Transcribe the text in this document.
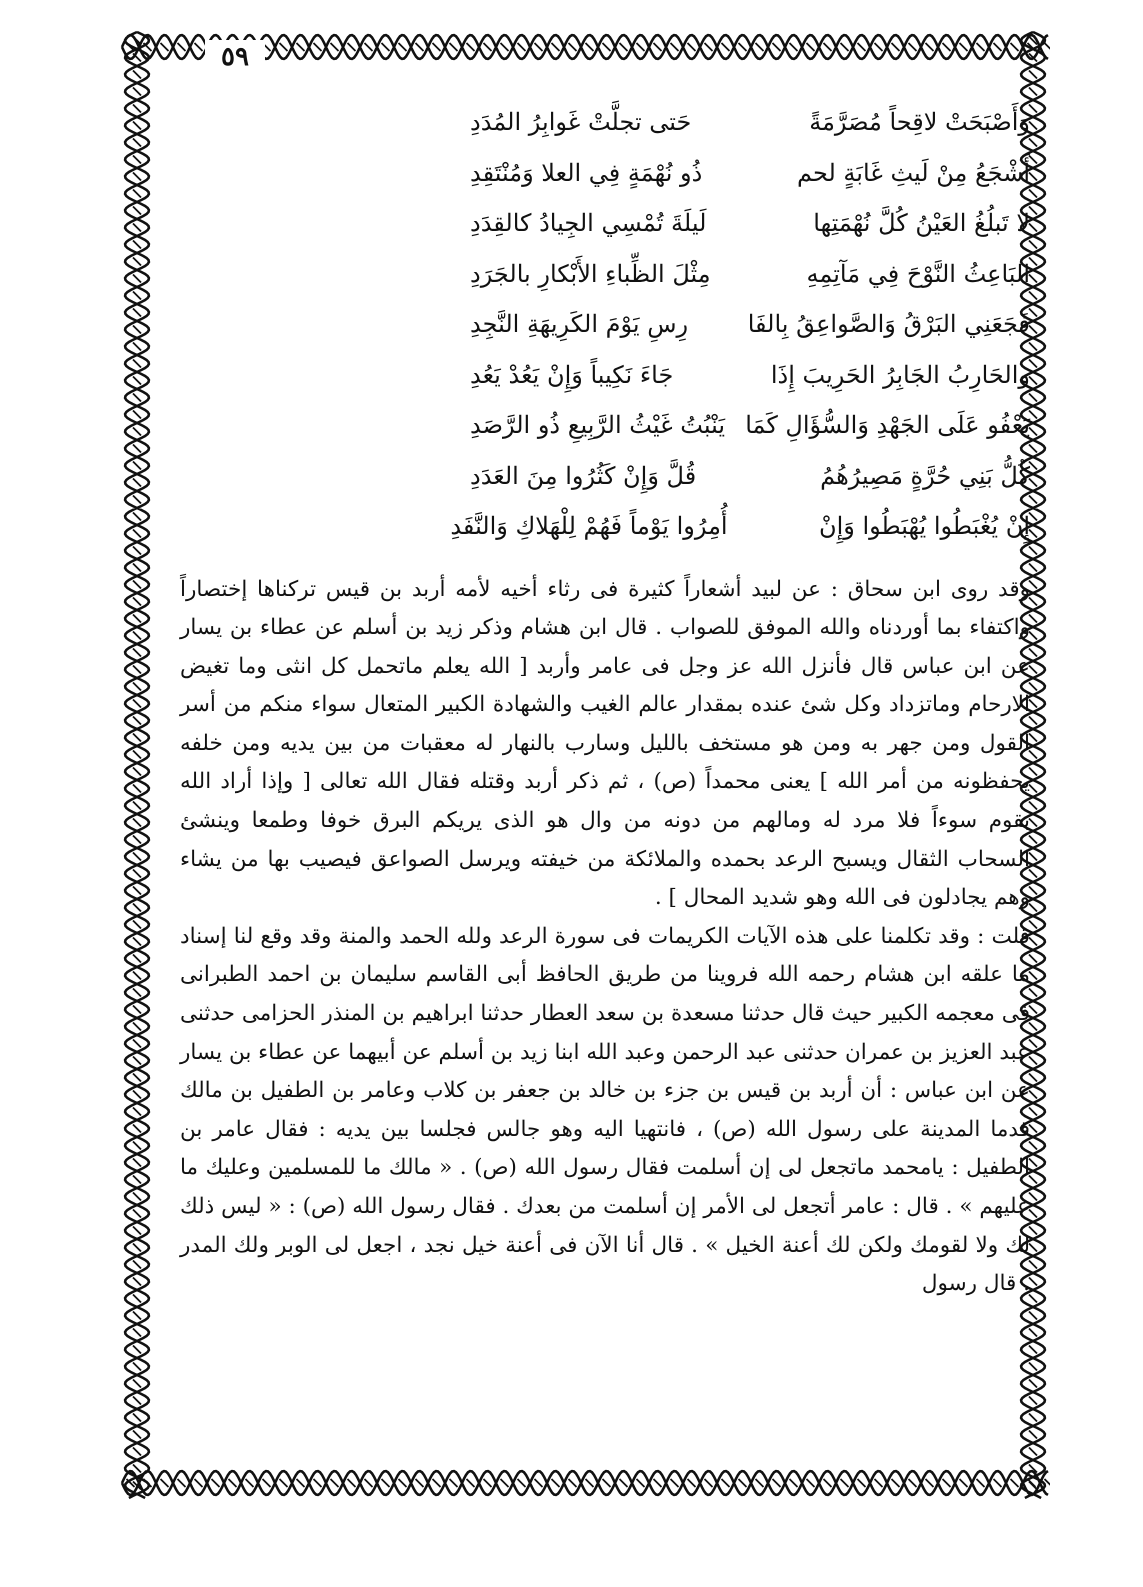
٥٩
وَأَصْبَحَتْ لاقِحاً مُصَرَّمَةً
حَتى تجلَّتْ غَوابِرُ المُدَدِ
أَشْجَعُ مِنْ لَيثِ غَابَةٍ لحم
ذُو نُهْمَةٍ فِي العلا وَمُنْتَقِدِ
لا تَبلُغُ العَيْنُ كُلَّ نُهْمَتِها
لَيلَةَ تُمْسِي الجِيادُ كالقِدَدِ
البَاعِثُ النَّوْحَ فِي مَآتِمِهِ
مِثْلَ الظِّباءِ الأَبْكارِ بالجَرَدِ
فَجَعَنِي البَرْقُ وَالصَّواعِقُ بِالفَا
رِسِ يَوْمَ الكَرِيهَةِ النَّجِدِ
والحَارِبُ الجَابِرُ الحَرِيبَ إِذَا
جَاءَ نَكِيباً وَإِنْ يَعُدْ يَعُدِ
يَعْفُو عَلَى الجَهْدِ وَالسُّؤَالِ كَمَا
يَنْبُتُ غَيْثُ الرَّبِيعِ ذُو الرَّصَدِ
كُلُّ بَنِي حُرَّةٍ مَصِيرُهُمُ
قُلَّ وَإِنْ كَثُرُوا مِنَ العَدَدِ
إِنْ يُغْبَطُوا يُهْبَطُوا وَإِنْ
أُمِرُوا يَوْماً فَهُمْ لِلْهَلاكِ وَالنَّفَدِ

وقد روى ابن سحاق : عن لبيد أشعاراً كثيرة فى رثاء أخيه لأمه أربد بن قيس تركناها إختصاراً واكتفاء بما أوردناه والله الموفق للصواب . قال ابن هشام وذكر زيد بن أسلم عن عطاء بن يسار عن ابن عباس قال فأنزل الله عز وجل فى عامر وأربد [ الله يعلم ماتحمل كل انثى وما تغيض الارحام وماتزداد وكل شئ عنده بمقدار عالم الغيب والشهادة الكبير المتعال سواء منكم من أسر القول ومن جهر به ومن هو مستخف بالليل وسارب بالنهار له معقبات من بين يديه ومن خلفه يحفظونه من أمر الله ] يعنى محمداً (ص) ، ثم ذكر أربد وقتله فقال الله تعالى [ وإذا أراد الله بقوم سوءاً فلا مرد له ومالهم من دونه من وال هو الذى يريكم البرق خوفا وطمعا وينشئ السحاب الثقال ويسبح الرعد بحمده والملائكة من خيفته ويرسل الصواعق فيصيب بها من يشاء وهم يجادلون فى الله وهو شديد المحال ] .

قلت : وقد تكلمنا على هذه الآيات الكريمات فى سورة الرعد ولله الحمد والمنة وقد وقع لنا إسناد ما علقه ابن هشام رحمه الله فروينا من طريق الحافظ أبى القاسم سليمان بن احمد الطبرانى فى معجمه الكبير حيث قال حدثنا مسعدة بن سعد العطار حدثنا ابراهيم بن المنذر الحزامى حدثنى عبد العزيز بن عمران حدثنى عبد الرحمن وعبد الله ابنا زيد بن أسلم عن أبيهما عن عطاء بن يسار عن ابن عباس : أن أربد بن قيس بن جزء بن خالد بن جعفر بن كلاب وعامر بن الطفيل بن مالك قدما المدينة على رسول الله (ص) ، فانتهيا اليه وهو جالس فجلسا بين يديه : فقال عامر بن الطفيل : يامحمد ماتجعل لى إن أسلمت فقال رسول الله (ص) . « مالك ما للمسلمين وعليك ما عليهم » . قال : عامر أتجعل لى الأمر إن أسلمت من بعدك . فقال رسول الله (ص) : « ليس ذلك لك ولا لقومك ولكن لك أعنة الخيل » . قال أنا الآن فى أعنة خيل نجد ، اجعل لى الوبر ولك المدر . قال رسول
